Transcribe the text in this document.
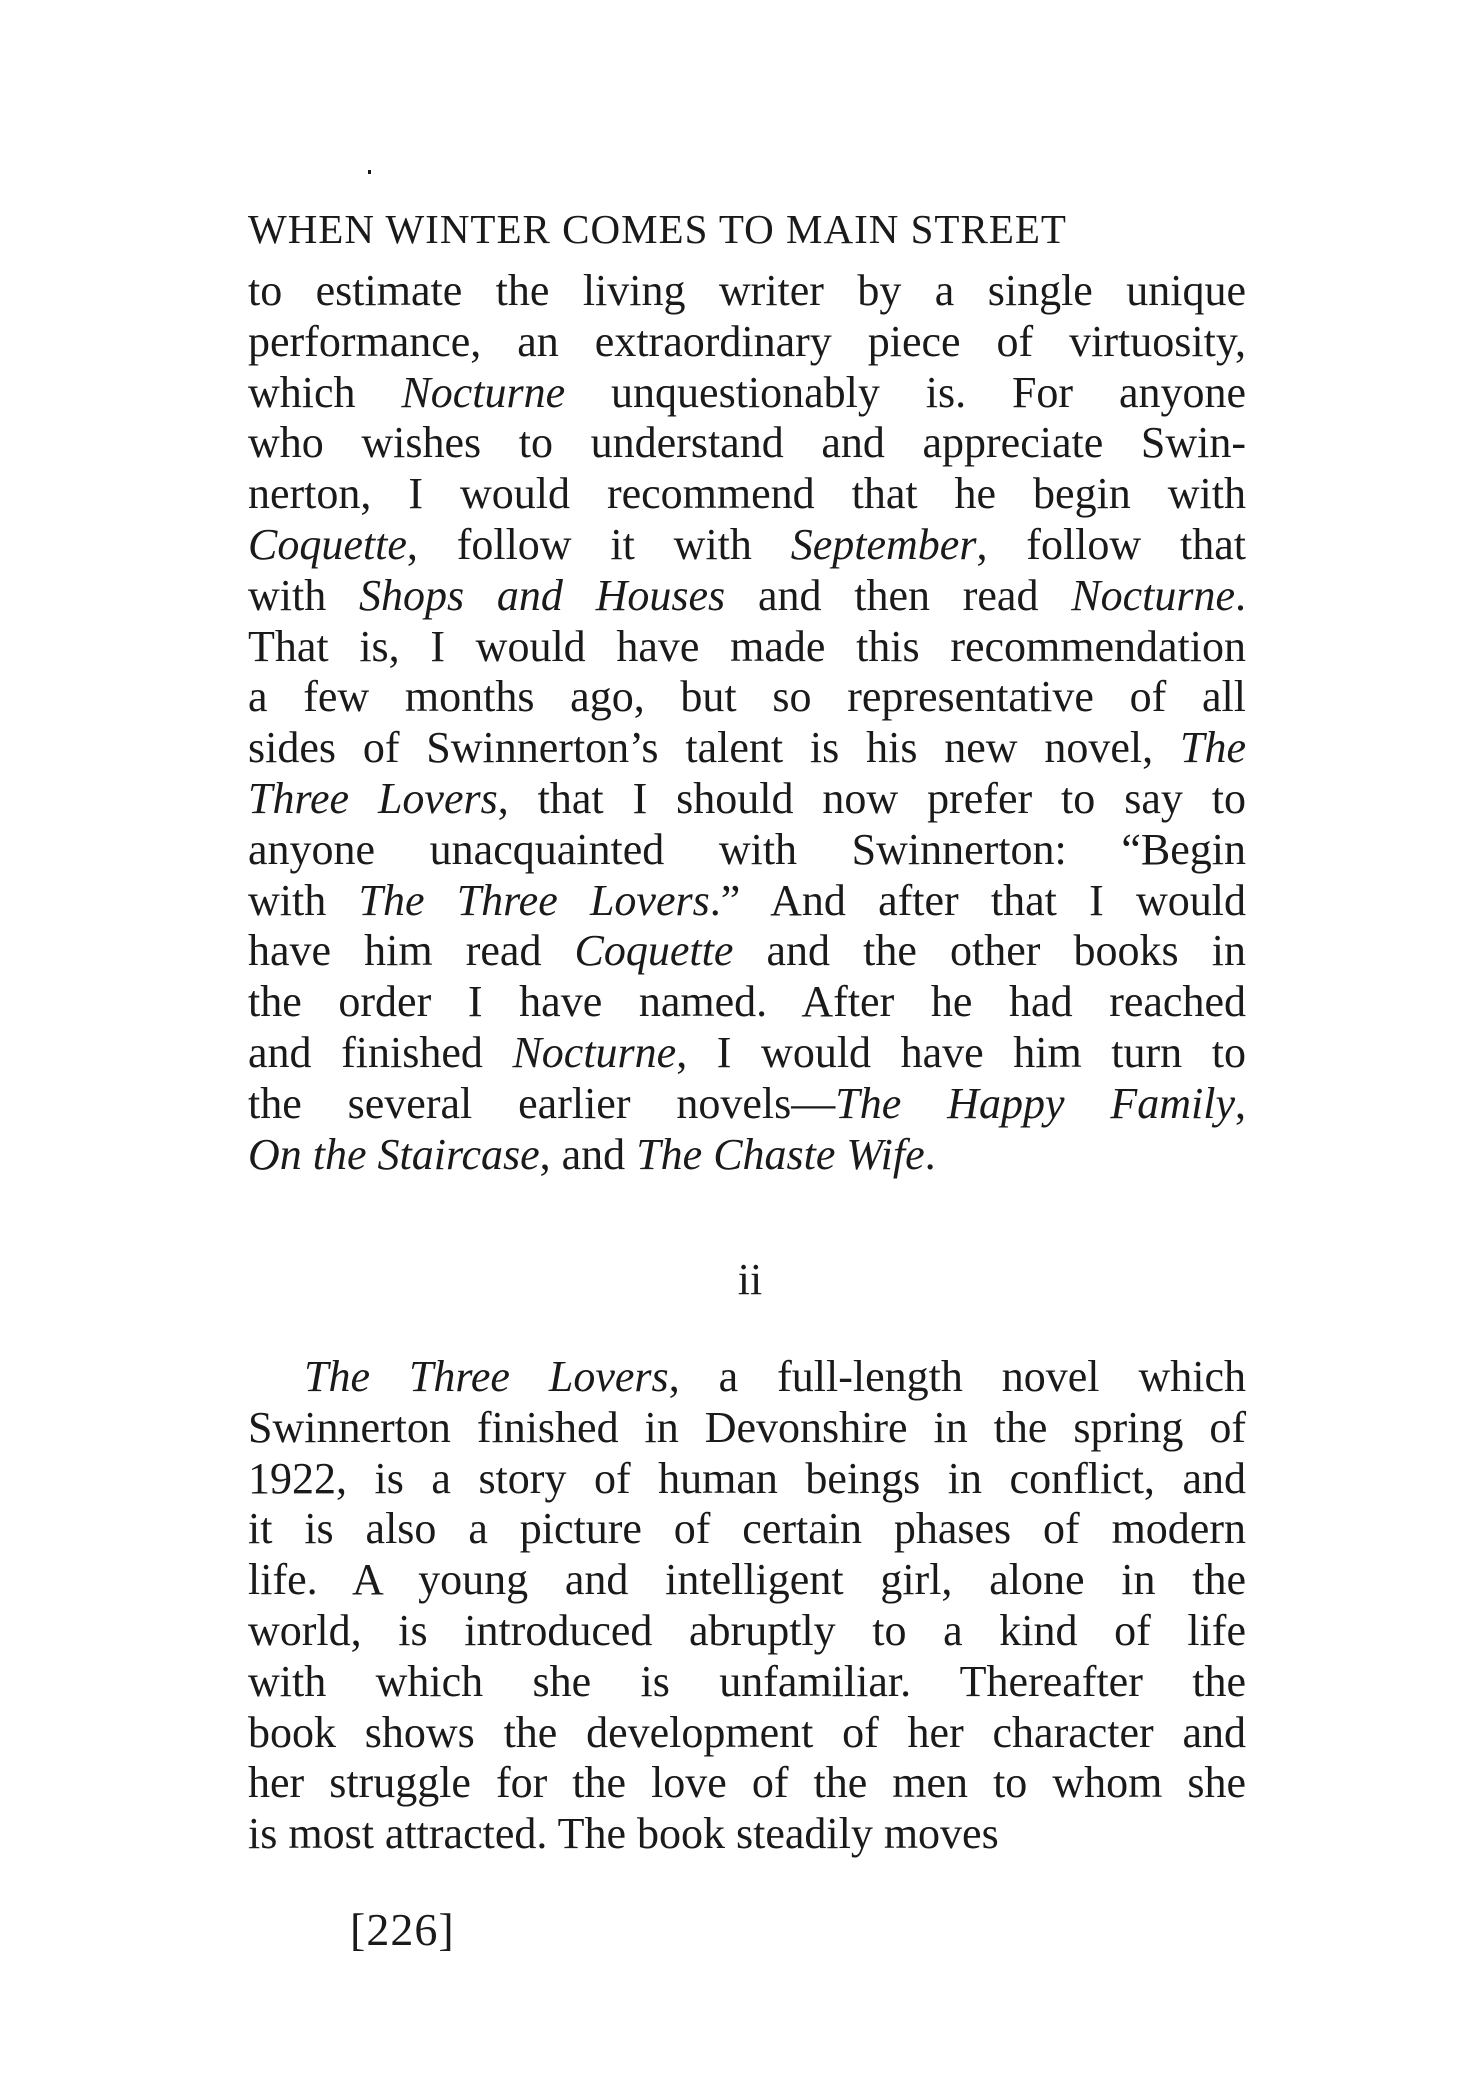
WHEN WINTER COMES TO MAIN STREET
to estimate the living writer by a single unique
performance, an extraordinary piece of virtuosity,
which Nocturne unquestionably is. For anyone
who wishes to understand and appreciate Swin-
nerton, I would recommend that he begin with
Coquette, follow it with September, follow that
with Shops and Houses and then read Nocturne.
That is, I would have made this recommendation
a few months ago, but so representative of all
sides of Swinnerton’s talent is his new novel, The
Three Lovers, that I should now prefer to say to
anyone unacquainted with Swinnerton: “Begin
with The Three Lovers.” And after that I would
have him read Coquette and the other books in
the order I have named. After he had reached
and finished Nocturne, I would have him turn to
the several earlier novels—The Happy Family,
On the Staircase, and The Chaste Wife.
ii
The Three Lovers, a full-length novel which
Swinnerton finished in Devonshire in the spring of
1922, is a story of human beings in conflict, and
it is also a picture of certain phases of modern
life. A young and intelligent girl, alone in the
world, is introduced abruptly to a kind of life
with which she is unfamiliar. Thereafter the
book shows the development of her character and
her struggle for the love of the men to whom she
is most attracted. The book steadily moves
[226]
